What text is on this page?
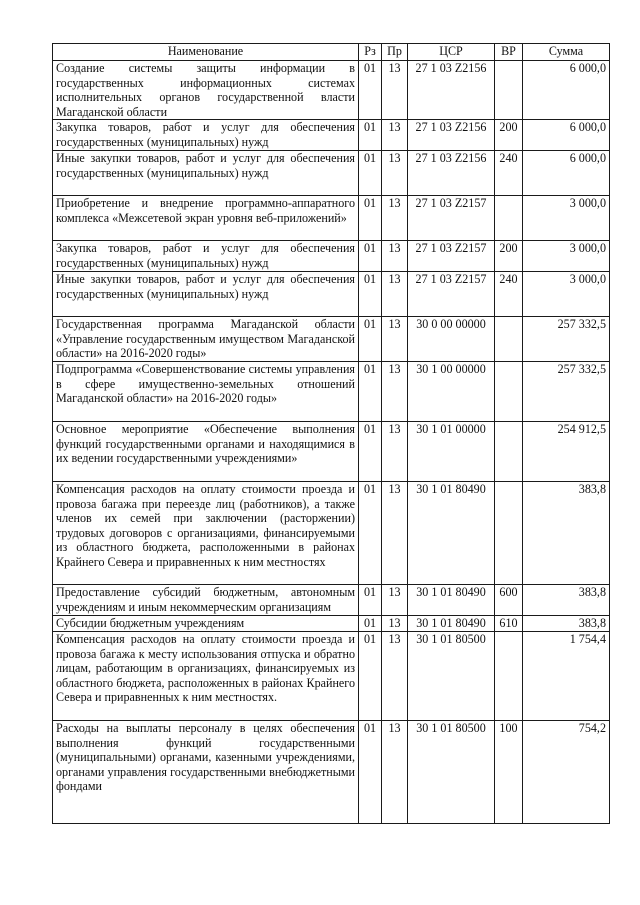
Наименование	Рз	Пр	ЦСР	ВР	Сумма
Создание системы защиты информации в государственных информационных системах исполнительных органов государственной власти Магаданской области	01	13	27 1 03 Z2156		6 000,0
Закупка товаров, работ и услуг для обеспечения государственных (муниципальных) нужд	01	13	27 1 03 Z2156	200	6 000,0
Иные закупки товаров, работ и услуг для обеспечения государственных (муниципальных) нужд	01	13	27 1 03 Z2156	240	6 000,0
Приобретение и внедрение программно-аппаратного комплекса «Межсетевой экран уровня веб-приложений»	01	13	27 1 03 Z2157		3 000,0
Закупка товаров, работ и услуг для обеспечения государственных (муниципальных) нужд	01	13	27 1 03 Z2157	200	3 000,0
Иные закупки товаров, работ и услуг для обеспечения государственных (муниципальных) нужд	01	13	27 1 03 Z2157	240	3 000,0
Государственная программа Магаданской области «Управление государственным имуществом Магаданской области» на 2016-2020 годы»	01	13	30 0 00 00000		257 332,5
Подпрограмма «Совершенствование системы управления в сфере имущественно-земельных отношений Магаданской области» на 2016-2020 годы»	01	13	30 1 00 00000		257 332,5
Основное мероприятие «Обеспечение выполнения функций государственными органами и находящимися в их ведении государственными учреждениями»	01	13	30 1 01 00000		254 912,5
Компенсация расходов на оплату стоимости проезда и провоза багажа при переезде лиц (работников), а также членов их семей при заключении (расторжении) трудовых договоров с организациями, финансируемыми из областного бюджета, расположенными в районах Крайнего Севера и приравненных к ним местностях	01	13	30 1 01 80490		383,8
Предоставление субсидий бюджетным, автономным учреждениям и иным некоммерческим организациям	01	13	30 1 01 80490	600	383,8
Субсидии бюджетным учреждениям	01	13	30 1 01 80490	610	383,8
Компенсация расходов на оплату стоимости проезда и провоза багажа к месту использования отпуска и обратно лицам, работающим в организациях, финансируемых из областного бюджета, расположенных в районах Крайнего Севера и приравненных к ним местностях.	01	13	30 1 01 80500		1 754,4
Расходы на выплаты персоналу в целях обеспечения выполнения функций государственными (муниципальными) органами, казенными учреждениями, органами управления государственными внебюджетными фондами	01	13	30 1 01 80500	100	754,2
